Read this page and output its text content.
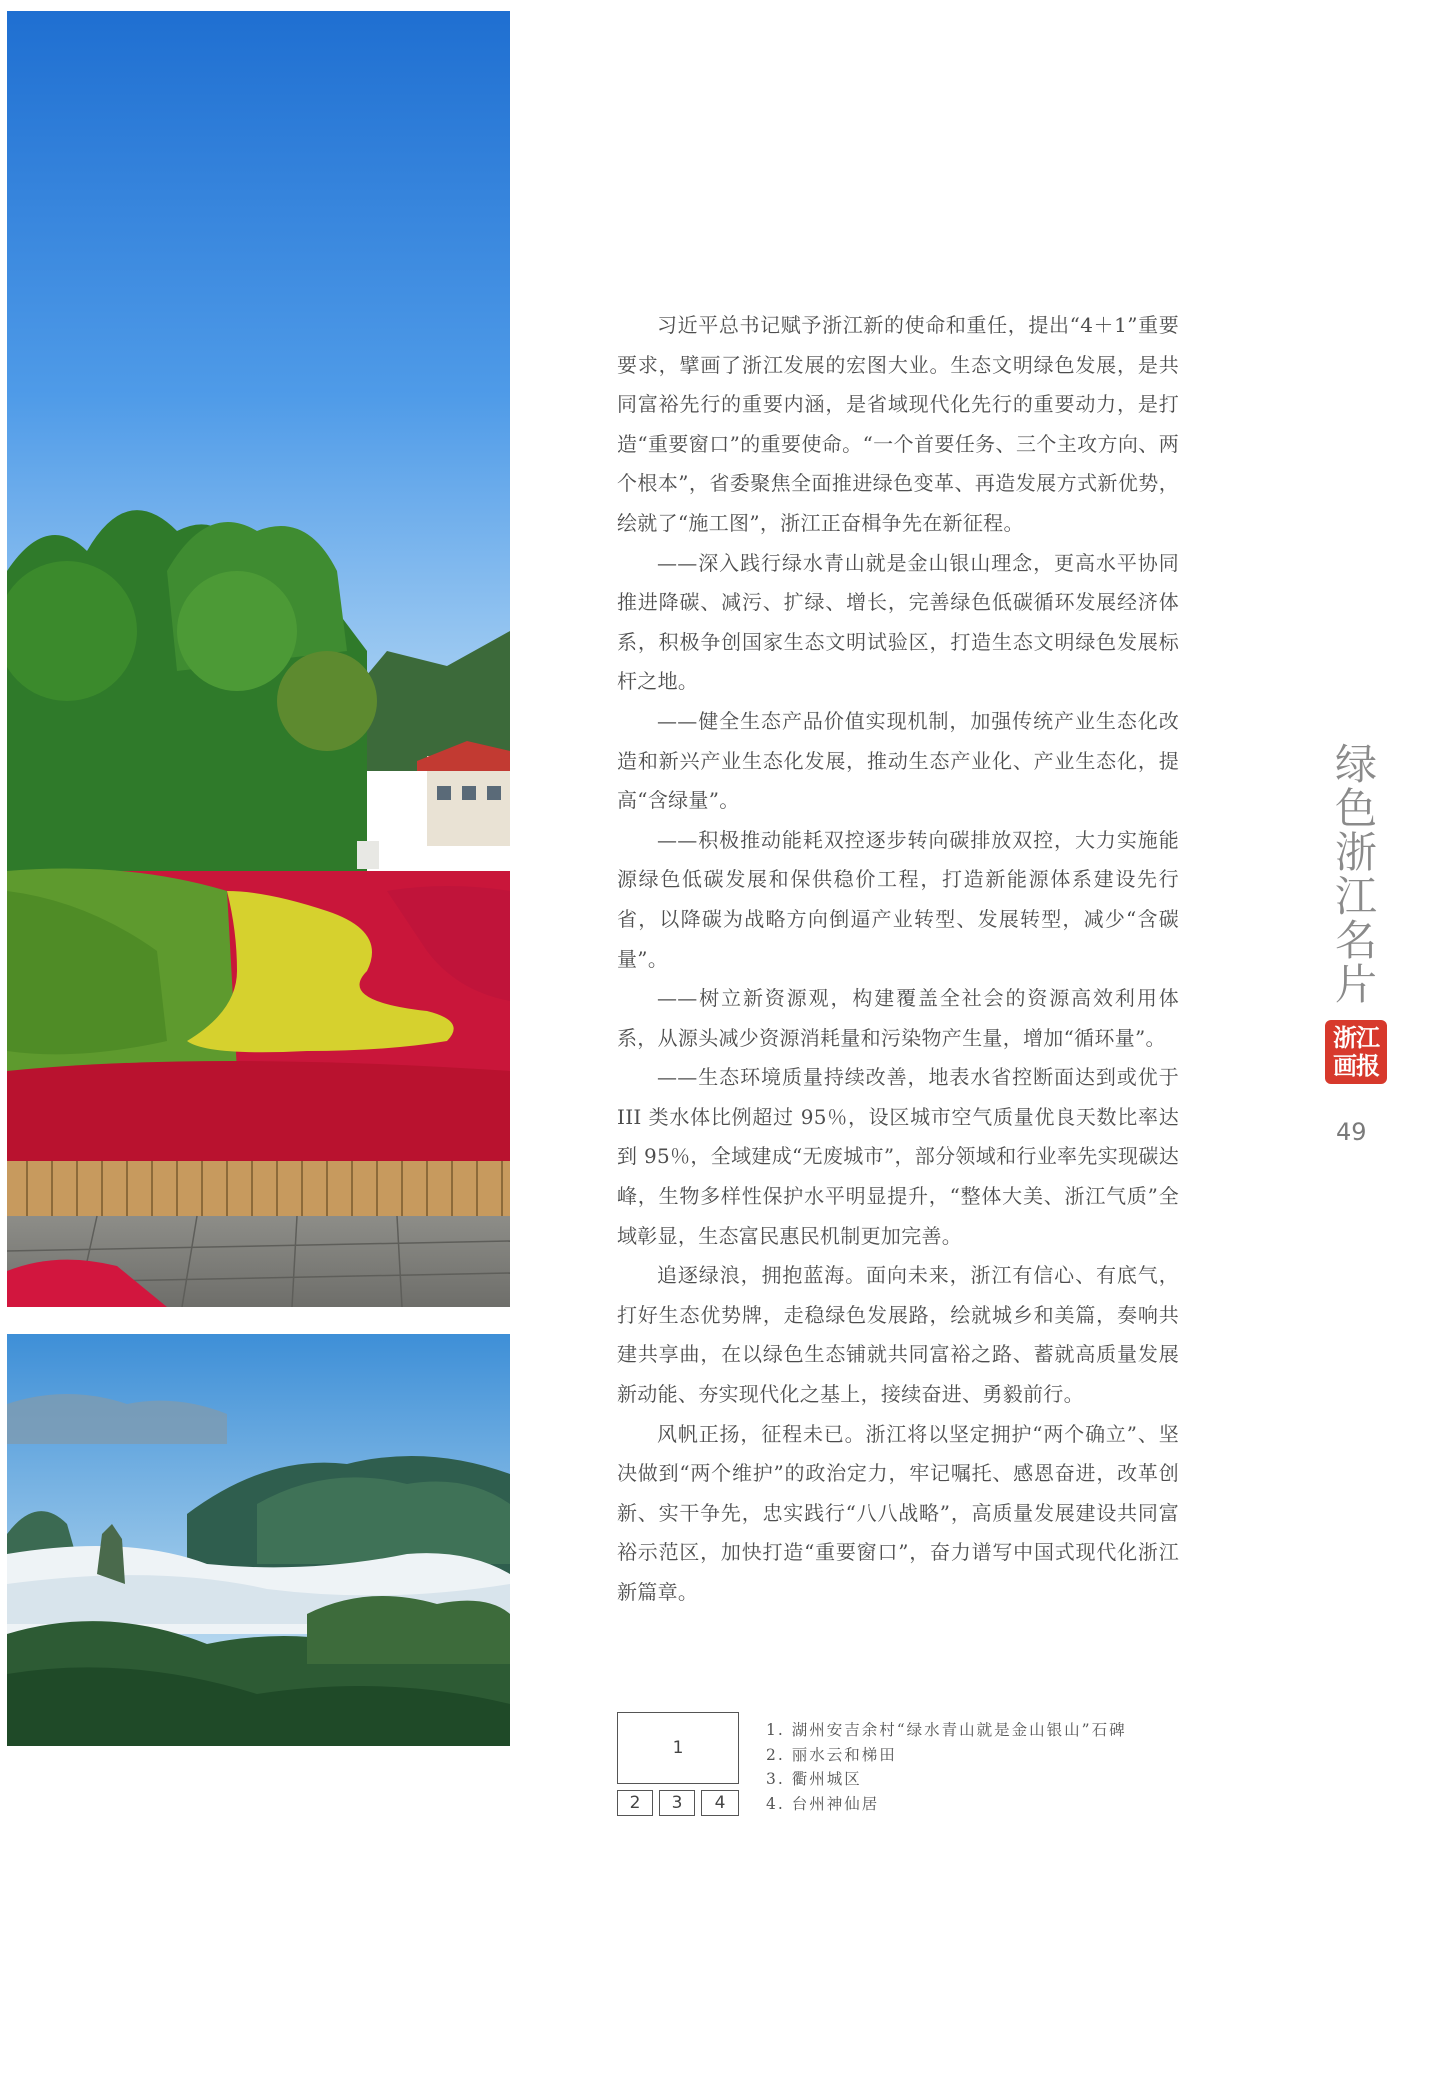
习近平总书记赋予浙江新的使命和重任，提出“4＋1”重要要求，擘画了浙江发展的宏图大业。生态文明绿色发展，是共同富裕先行的重要内涵，是省域现代化先行的重要动力，是打造“重要窗口”的重要使命。“一个首要任务、三个主攻方向、两个根本”，省委聚焦全面推进绿色变革、再造发展方式新优势，绘就了“施工图”，浙江正奋楫争先在新征程。

——深入践行绿水青山就是金山银山理念，更高水平协同推进降碳、减污、扩绿、增长，完善绿色低碳循环发展经济体系，积极争创国家生态文明试验区，打造生态文明绿色发展标杆之地。

——健全生态产品价值实现机制，加强传统产业生态化改造和新兴产业生态化发展，推动生态产业化、产业生态化，提高“含绿量”。

——积极推动能耗双控逐步转向碳排放双控，大力实施能源绿色低碳发展和保供稳价工程，打造新能源体系建设先行省，以降碳为战略方向倒逼产业转型、发展转型，减少“含碳量”。

——树立新资源观，构建覆盖全社会的资源高效利用体系，从源头减少资源消耗量和污染物产生量，增加“循环量”。

——生态环境质量持续改善，地表水省控断面达到或优于 III 类水体比例超过 95％，设区城市空气质量优良天数比率达到 95％，全域建成“无废城市”，部分领域和行业率先实现碳达峰，生物多样性保护水平明显提升，“整体大美、浙江气质”全域彰显，生态富民惠民机制更加完善。

追逐绿浪，拥抱蓝海。面向未来，浙江有信心、有底气，打好生态优势牌，走稳绿色发展路，绘就城乡和美篇，奏响共建共享曲，在以绿色生态铺就共同富裕之路、蓄就高质量发展新动能、夯实现代化之基上，接续奋进、勇毅前行。

风帆正扬，征程未已。浙江将以坚定拥护“两个确立”、坚决做到“两个维护”的政治定力，牢记嘱托、感恩奋进，改革创新、实干争先，忠实践行“八八战略”，高质量发展建设共同富裕示范区，加快打造“重要窗口”，奋力谱写中国式现代化浙江新篇章。

绿色浙江名片
浙江
画报
49
1
2	3	4
1. 湖州安吉余村“绿水青山就是金山银山”石碑
2. 丽水云和梯田
3. 衢州城区
4. 台州神仙居
